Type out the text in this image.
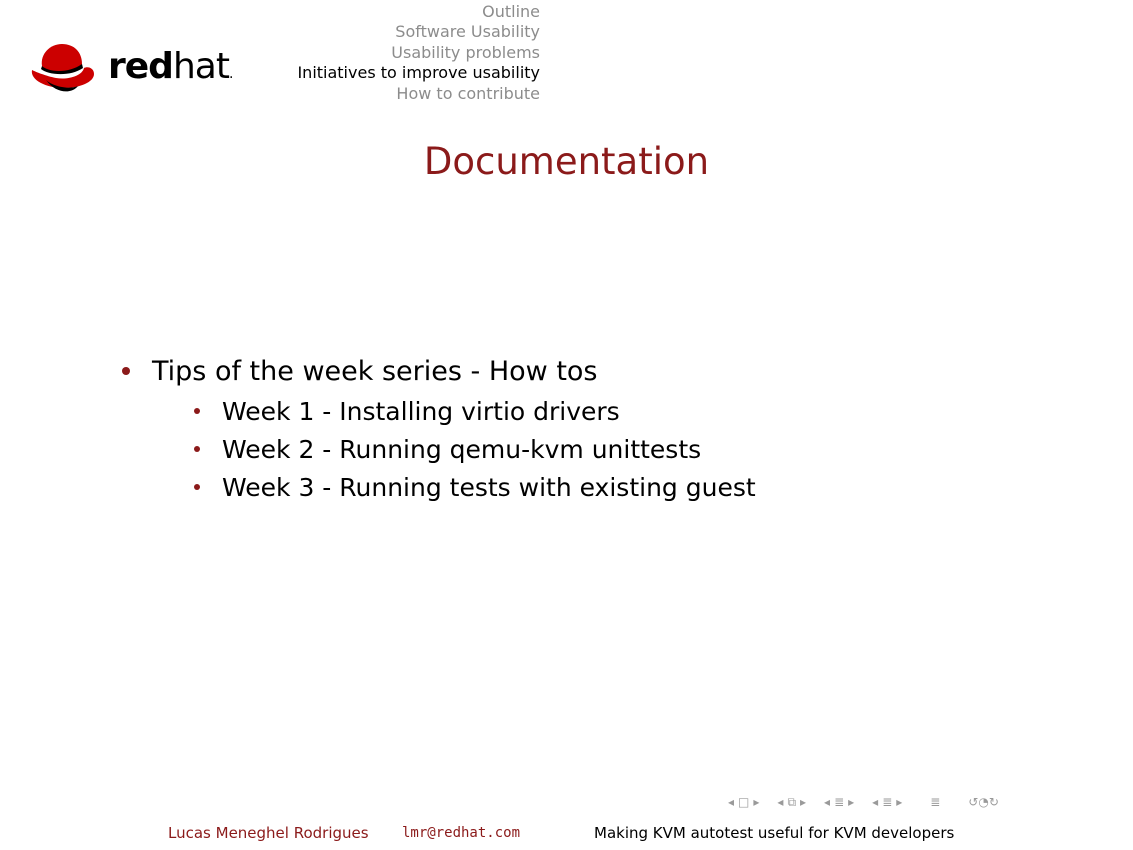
redhat.
Outline
Software Usability
Usability problems
Initiatives to improve usability
How to contribute
Documentation
Tips of the week series - How tos
Week 1 - Installing virtio drivers
Week 2 - Running qemu-kvm unittests
Week 3 - Running tests with existing guest
◂ □ ▸ ◂ ⧉ ▸ ◂ ≣ ▸ ◂ ≣ ▸ ≣ ↺◔↻
Lucas Meneghel Rodrigues lmr@redhat.com	Making KVM autotest useful for KVM developers
